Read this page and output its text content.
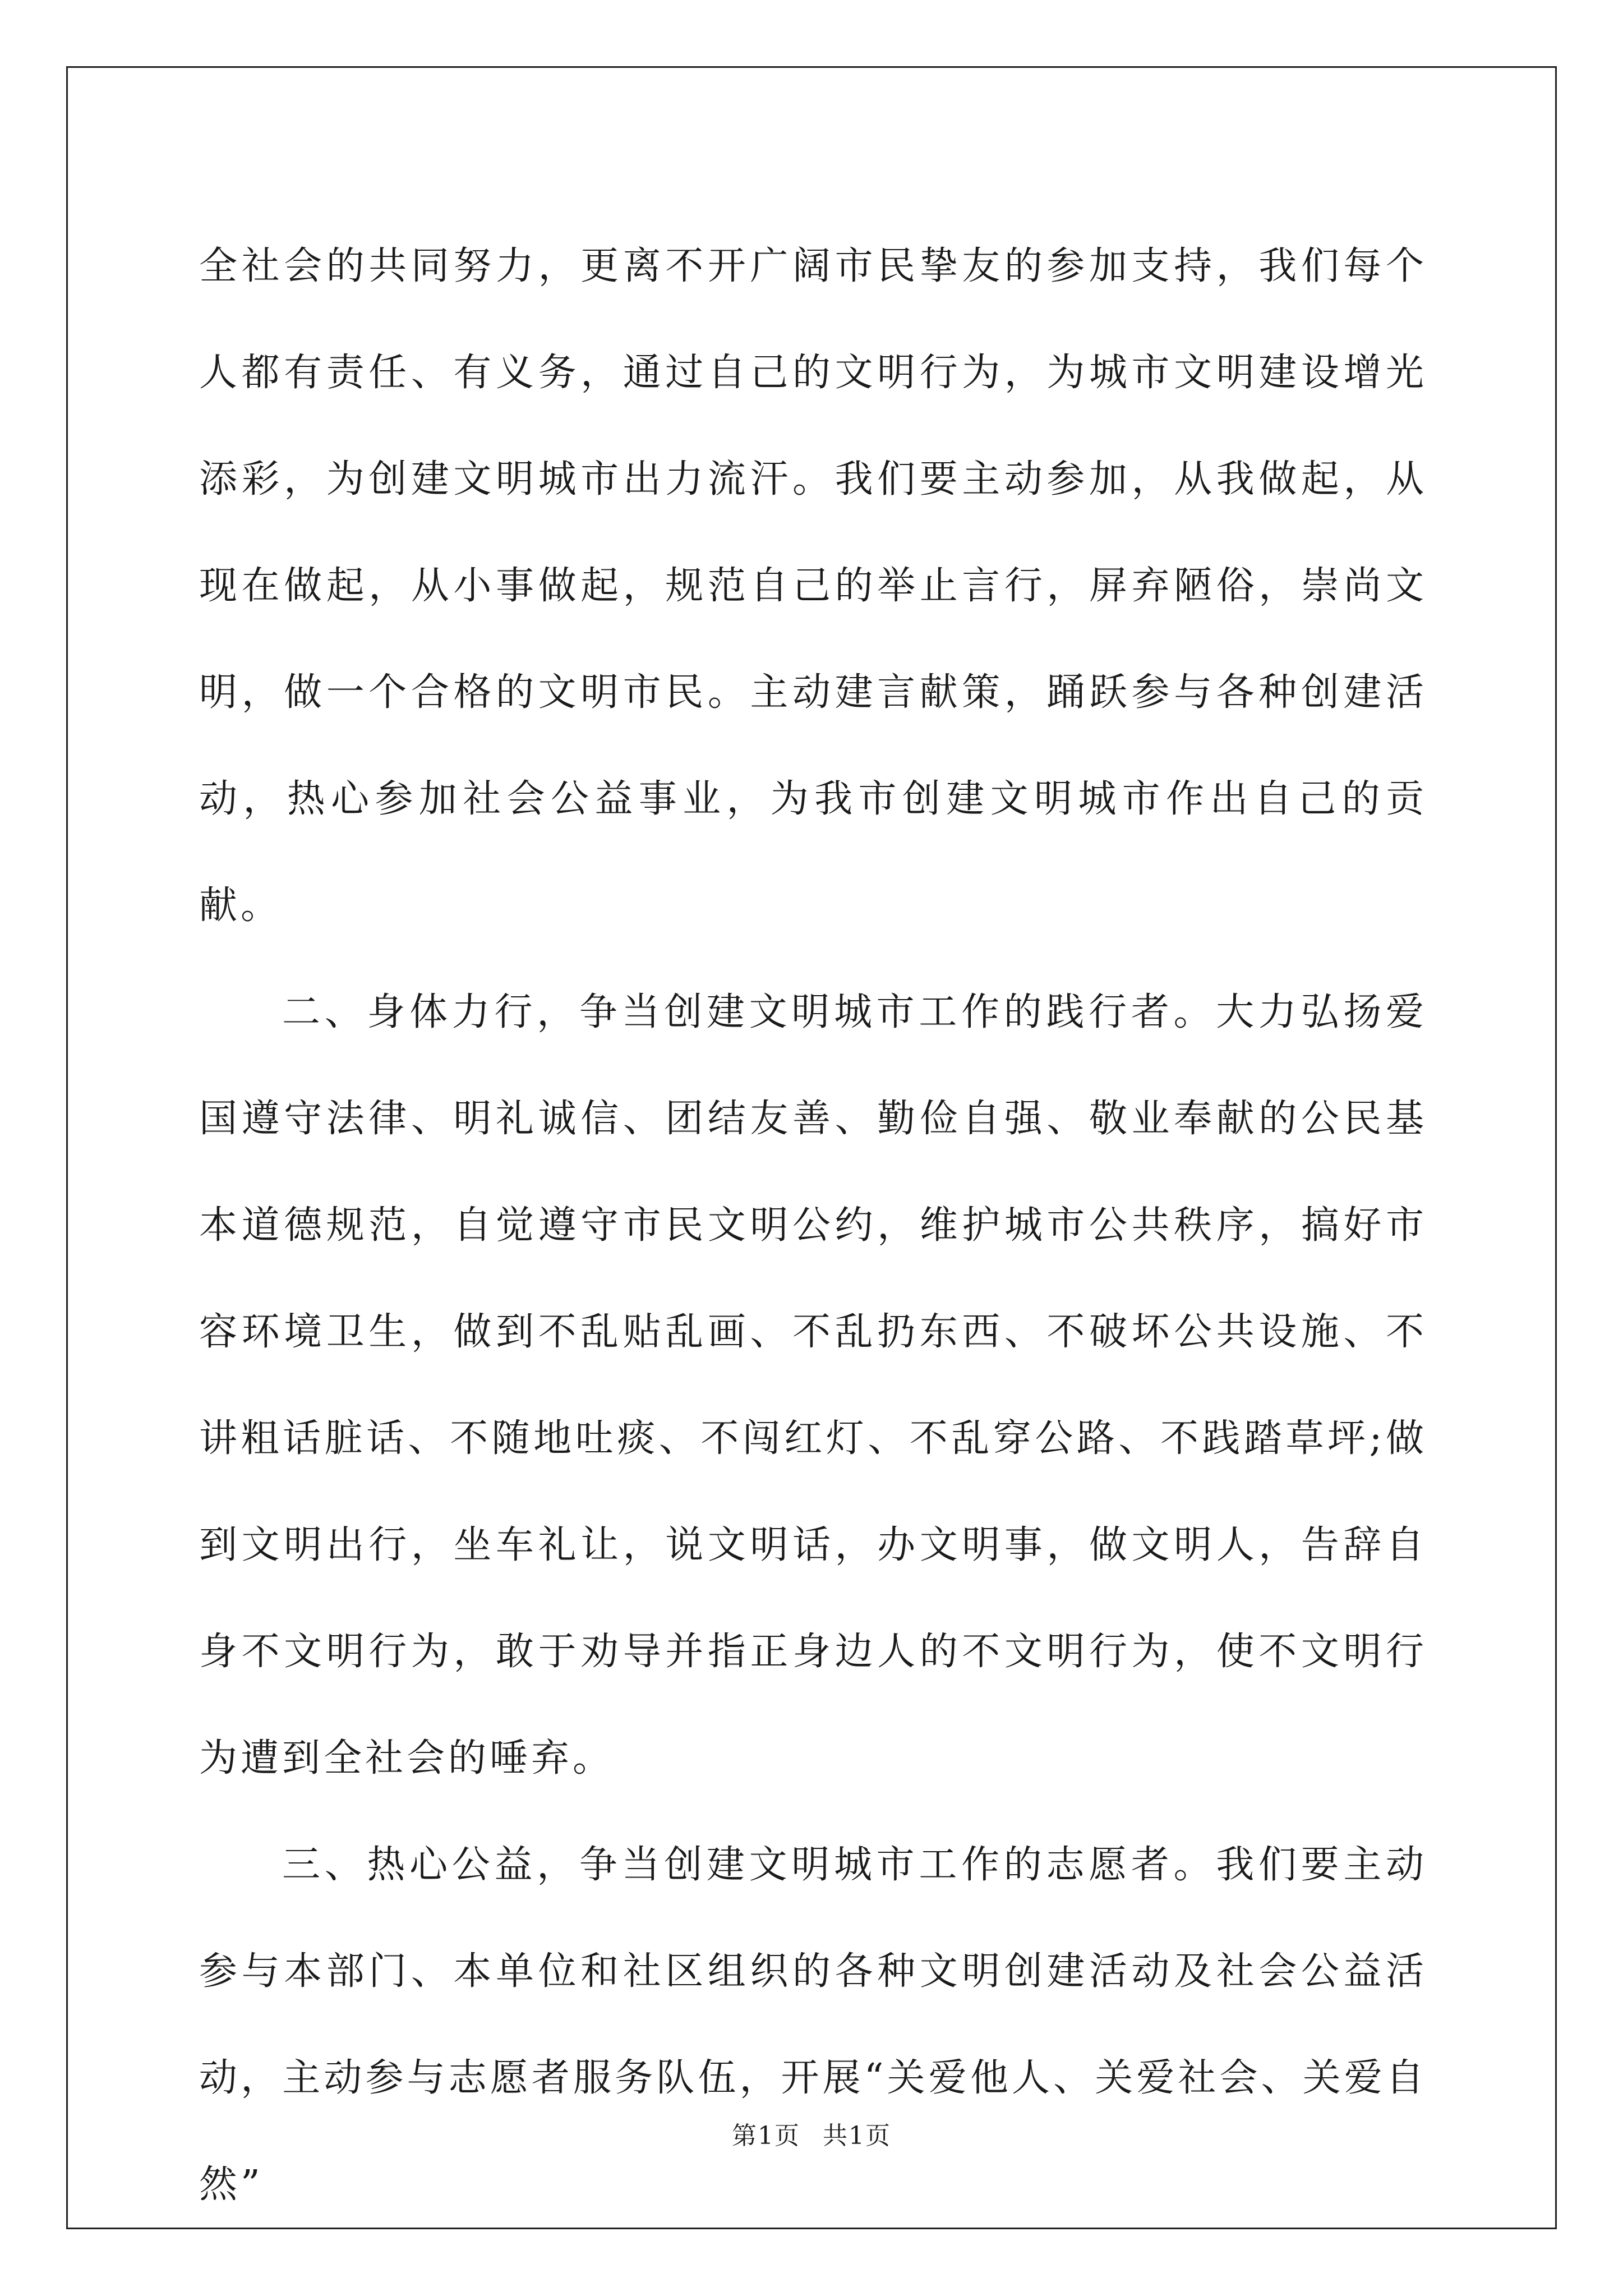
全社会的共同努力，更离不开广阔市民挚友的参加支持，我们每个人都有责任、有义务，通过自己的文明行为，为城市文明建设增光添彩，为创建文明城市出力流汗。我们要主动参加，从我做起，从现在做起，从小事做起，规范自己的举止言行，屏弃陋俗，崇尚文明，做一个合格的文明市民。主动建言献策，踊跃参与各种创建活动，热心参加社会公益事业，为我市创建文明城市作出自己的贡献。

二、身体力行，争当创建文明城市工作的践行者。大力弘扬爱国遵守法律、明礼诚信、团结友善、勤俭自强、敬业奉献的公民基本道德规范，自觉遵守市民文明公约，维护城市公共秩序，搞好市容环境卫生，做到不乱贴乱画、不乱扔东西、不破坏公共设施、不讲粗话脏话、不随地吐痰、不闯红灯、不乱穿公路、不践踏草坪;做到文明出行，坐车礼让，说文明话，办文明事，做文明人，告辞自身不文明行为，敢于劝导并指正身边人的不文明行为，使不文明行为遭到全社会的唾弃。

三、热心公益，争当创建文明城市工作的志愿者。我们要主动参与本部门、本单位和社区组织的各种文明创建活动及社会公益活动，主动参与志愿者服务队伍，开展“关爱他人、关爱社会、关爱自然”

第1页 共1页
